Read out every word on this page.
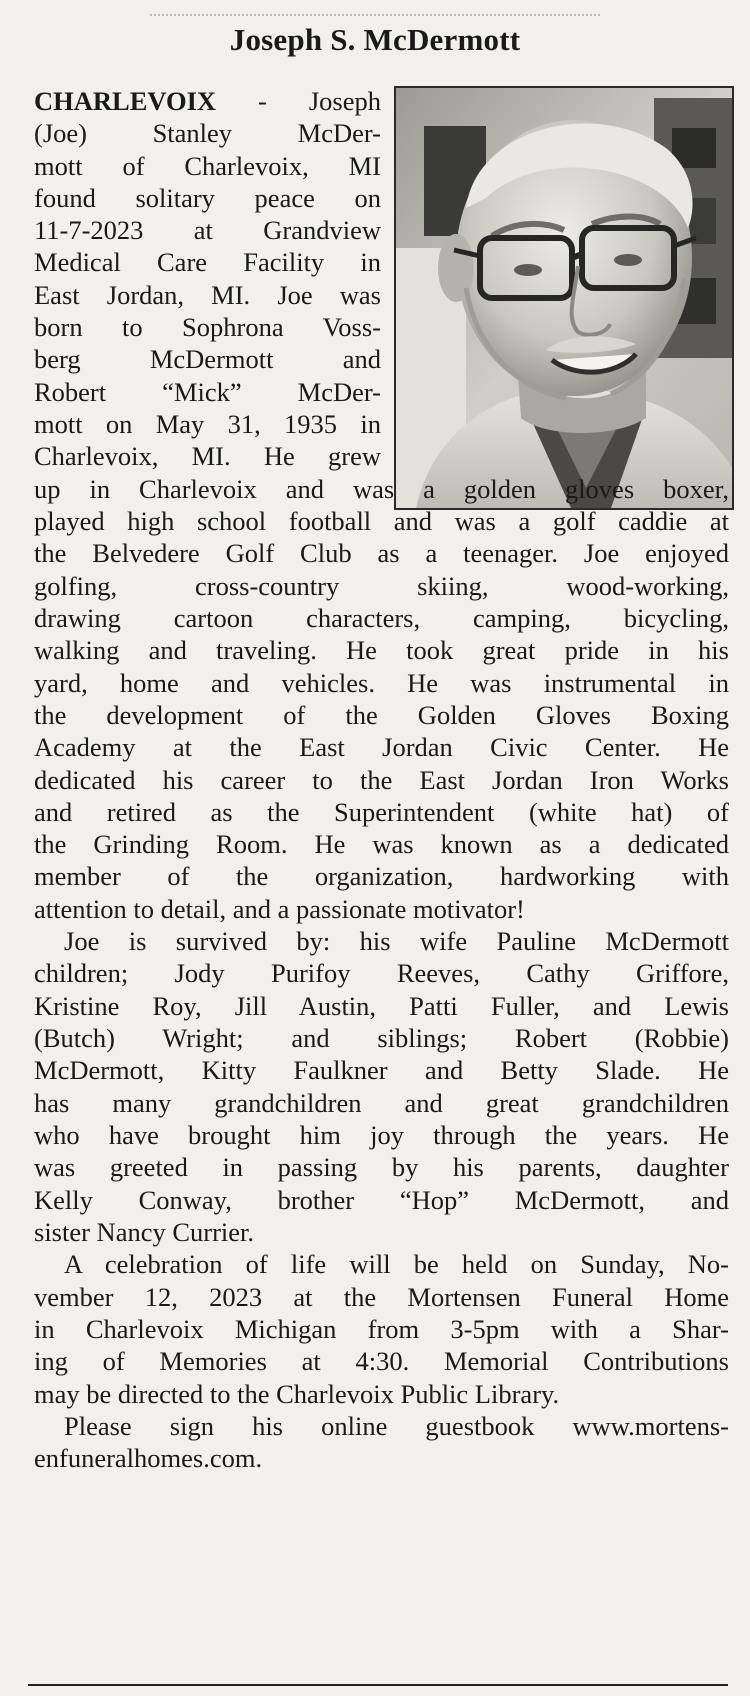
Joseph S. McDermott
CHARLEVOIX - Joseph
(Joe) Stanley McDer-
mott of Charlevoix, MI
found solitary peace on
11-7-2023 at Grandview
Medical Care Facility in
East Jordan, MI. Joe was
born to Sophrona Voss-
berg McDermott and
Robert “Mick” McDer-
mott on May 31, 1935 in
Charlevoix, MI. He grew
up in Charlevoix and was a golden gloves boxer,
played high school football and was a golf caddie at
the Belvedere Golf Club as a teenager. Joe enjoyed
golfing, cross-country skiing, wood-working,
drawing cartoon characters, camping, bicycling,
walking and traveling. He took great pride in his
yard, home and vehicles. He was instrumental in
the development of the Golden Gloves Boxing
Academy at the East Jordan Civic Center. He
dedicated his career to the East Jordan Iron Works
and retired as the Superintendent (white hat) of
the Grinding Room. He was known as a dedicated
member of the organization, hardworking with
attention to detail, and a passionate motivator!
Joe is survived by: his wife Pauline McDermott
children; Jody Purifoy Reeves, Cathy Griffore,
Kristine Roy, Jill Austin, Patti Fuller, and Lewis
(Butch) Wright; and siblings; Robert (Robbie)
McDermott, Kitty Faulkner and Betty Slade. He
has many grandchildren and great grandchildren
who have brought him joy through the years. He
was greeted in passing by his parents, daughter
Kelly Conway, brother “Hop” McDermott, and
sister Nancy Currier.
A celebration of life will be held on Sunday, No-
vember 12, 2023 at the Mortensen Funeral Home
in Charlevoix Michigan from 3-5pm with a Shar-
ing of Memories at 4:30. Memorial Contributions
may be directed to the Charlevoix Public Library.
Please sign his online guestbook www.mortens-
enfuneralhomes.com.
